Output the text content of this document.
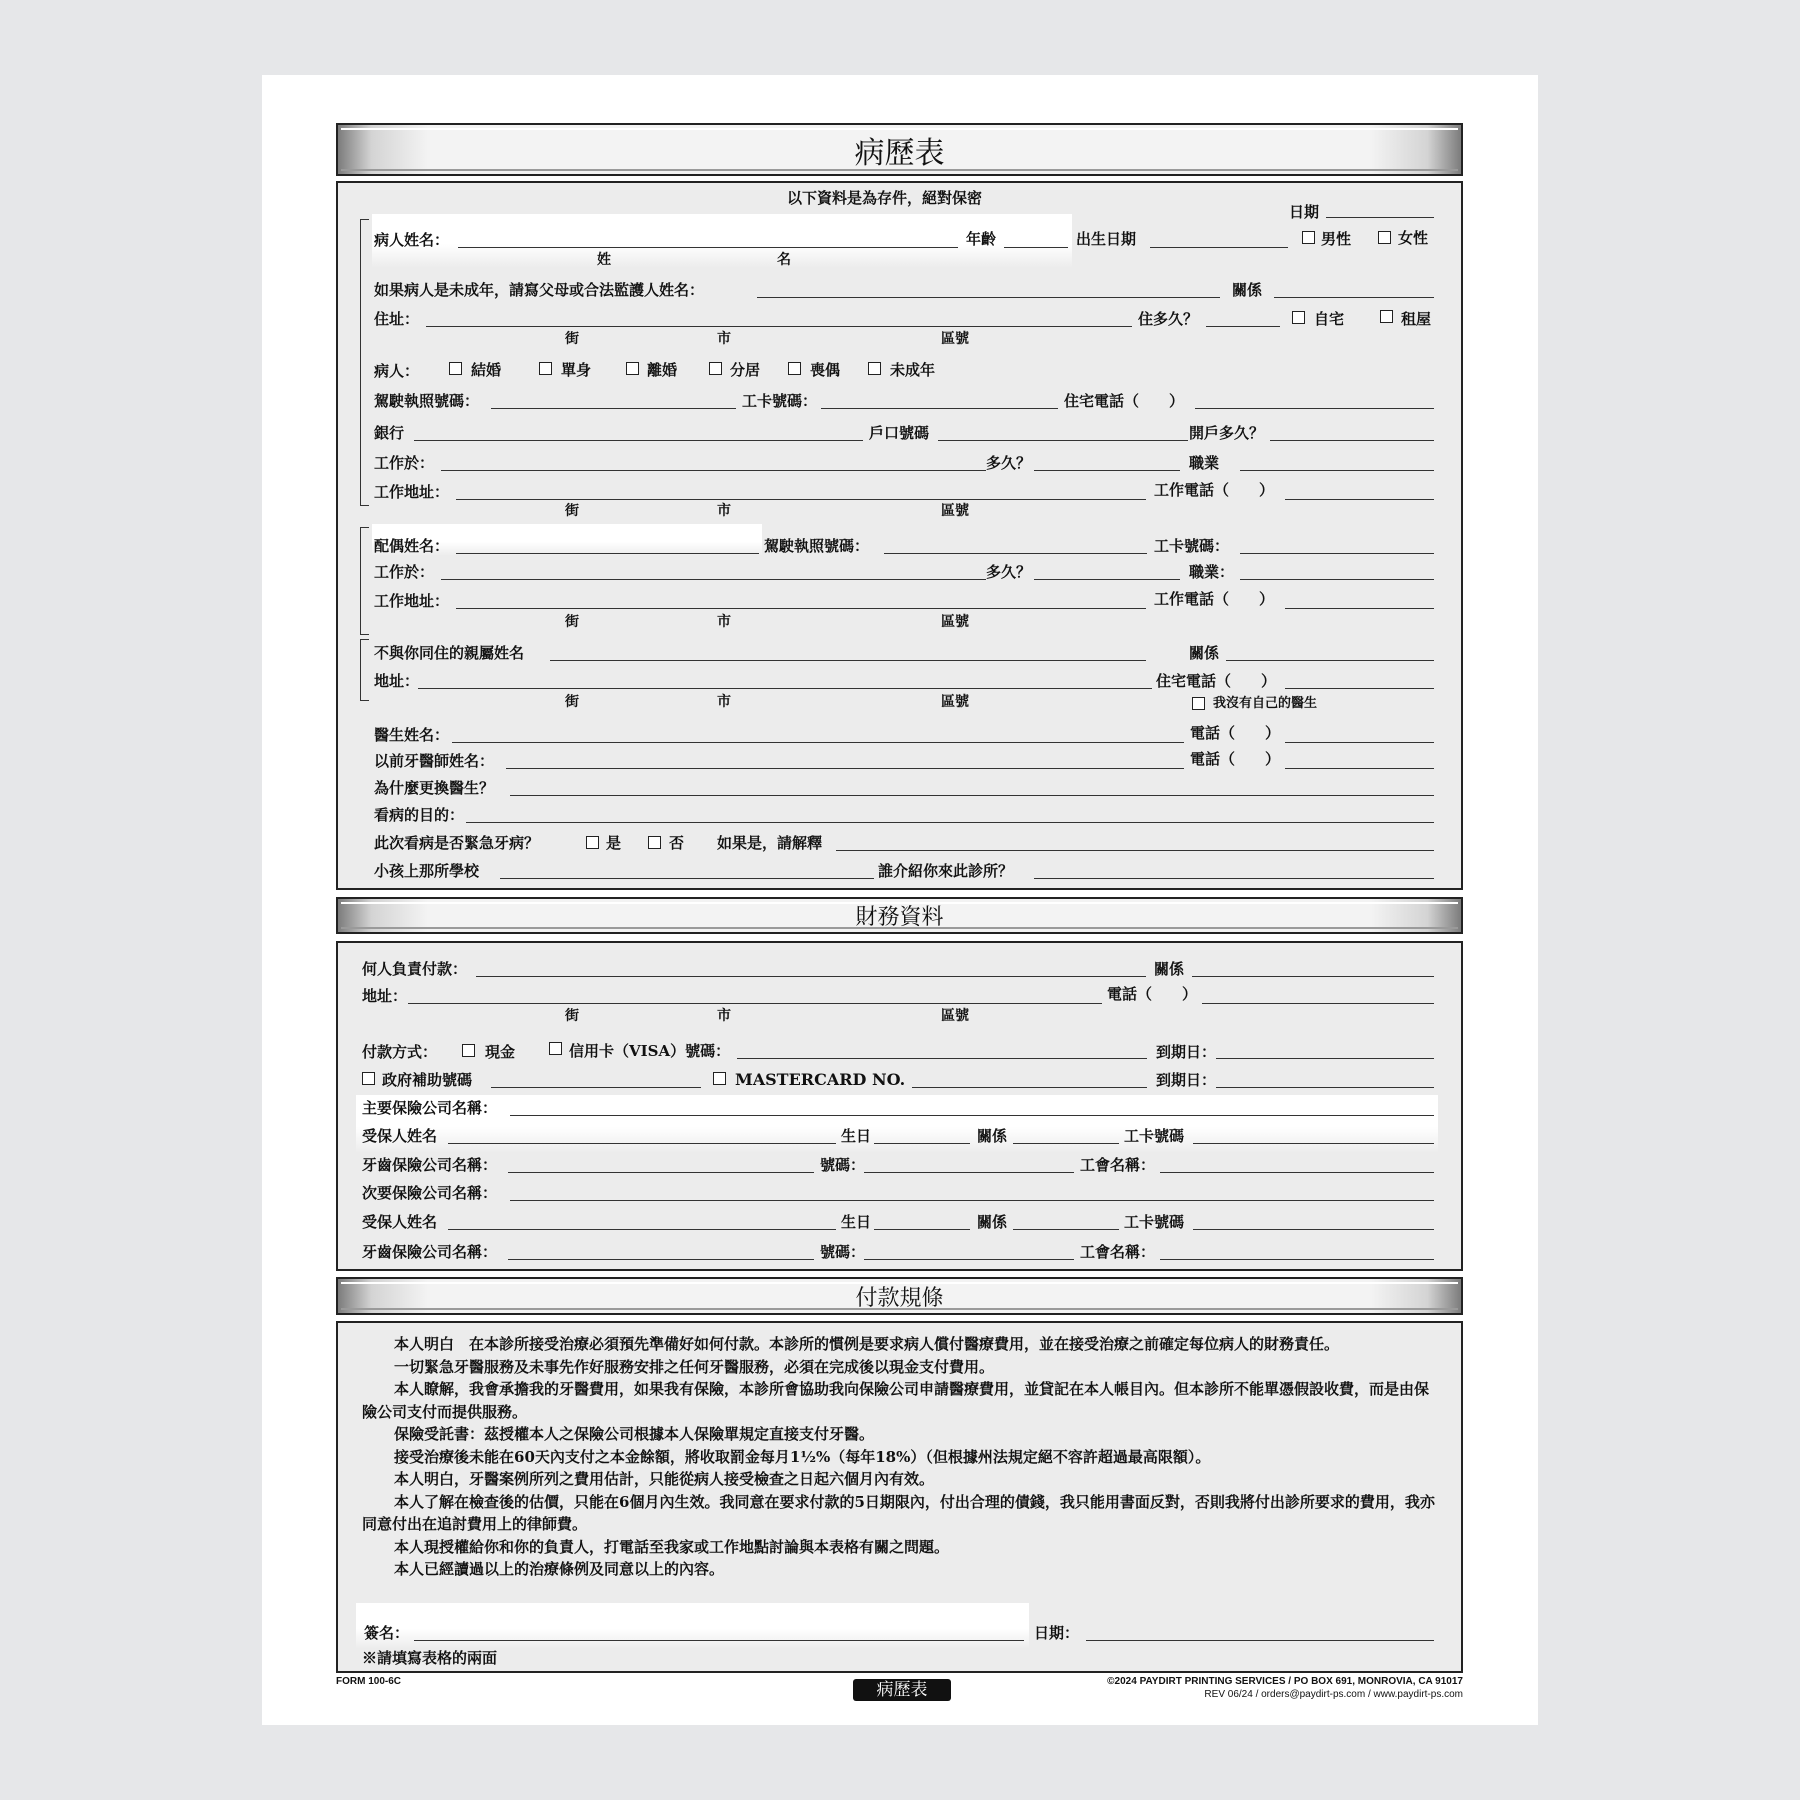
病歷表
以下資料是為存件，絕對保密
日期
病人姓名：
姓	名
年齡	出生日期	男性	女性
如果病人是未成年，請寫父母或合法監護人姓名：	關係
住址：
街	市	區號
住多久？	自宅	租屋
病人：	結婚	單身	離婚	分居	喪偶	未成年
駕駛執照號碼：	工卡號碼：	住宅電話（　　）
銀行	戶口號碼	開戶多久？
工作於：	多久？	職業
工作地址：
街	市	區號
工作電話（　　）
配偶姓名：	駕駛執照號碼：	工卡號碼：
工作於：	多久？	職業：
工作地址：
街	市	區號
工作電話（　　）
不與你同住的親屬姓名	關係
地址：
街	市	區號
住宅電話（　　）
我沒有自己的醫生
醫生姓名：	電話（　　）
以前牙醫師姓名：	電話（　　）
為什麼更換醫生？
看病的目的：
此次看病是否緊急牙病？	是	否 如果是，請解釋
小孩上那所學校	誰介紹你來此診所？
財務資料
何人負責付款：	關係
地址：
街	市	區號
電話（　　）
付款方式：	現金	信用卡（VISA）號碼：	到期日：
政府補助號碼	MASTERCARD NO.	到期日：
主要保險公司名稱：
受保人姓名	生日	關係	工卡號碼
牙齒保險公司名稱：	號碼：	工會名稱：
次要保險公司名稱：
受保人姓名	生日	關係	工卡號碼
牙齒保險公司名稱：	號碼：	工會名稱：
付款規條

本人明白　在本診所接受治療必須預先準備好如何付款。本診所的慣例是要求病人償付醫療費用，並在接受治療之前確定每位病人的財務責任。

一切緊急牙醫服務及未事先作好服務安排之任何牙醫服務，必須在完成後以現金支付費用。

本人瞭解，我會承擔我的牙醫費用，如果我有保險，本診所會協助我向保險公司申請醫療費用，並貸記在本人帳目內。但本診所不能單憑假設收費，而是由保險公司支付而提供服務。

保險受託書：茲授權本人之保險公司根據本人保險單規定直接支付牙醫。

接受治療後未能在60天內支付之本金餘額，將收取罰金每月1½%（每年18%）（但根據州法規定絕不容許超過最高限額）。

本人明白，牙醫案例所列之費用估計，只能從病人接受檢查之日起六個月內有效。

本人了解在檢查後的估價，只能在6個月內生效。我同意在要求付款的5日期限內，付出合理的債錢，我只能用書面反對，否則我將付出診所要求的費用，我亦同意付出在追討費用上的律師費。

本人現授權給你和你的負責人，打電話至我家或工作地點討論與本表格有關之問題。

本人已經讀過以上的治療條例及同意以上的內容。

簽名：	日期：
※請填寫表格的兩面
FORM 100-6C	病歷表	©2024 PAYDIRT PRINTING SERVICES / PO BOX 691, MONROVIA, CA 91017
REV 06/24 / orders@paydirt-ps.com / www.paydirt-ps.com
